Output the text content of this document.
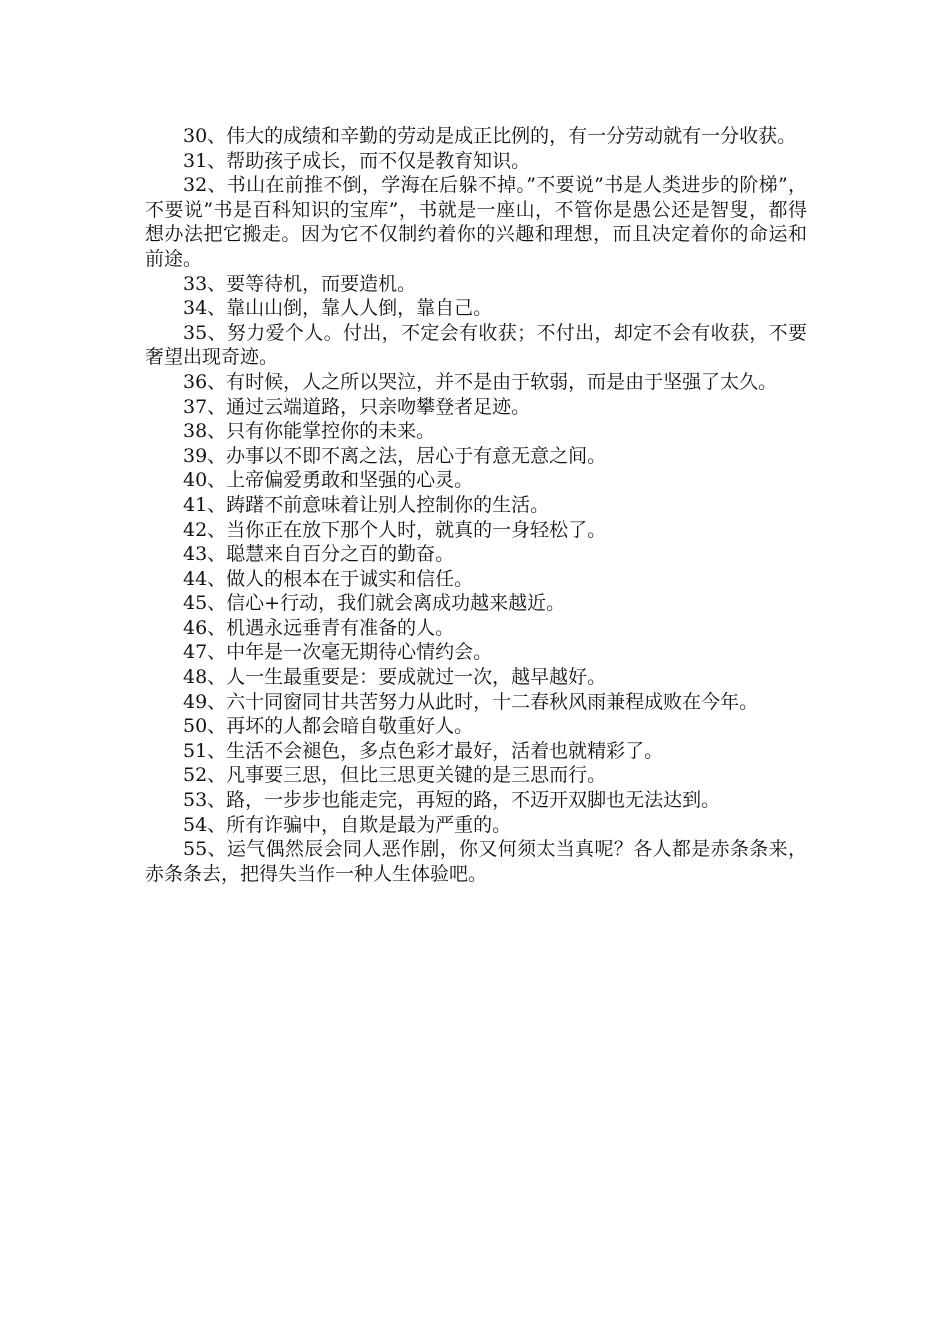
30、伟大的成绩和辛勤的劳动是成正比例的，有一分劳动就有一分收获。

31、帮助孩子成长，而不仅是教育知识。

32、书山在前推不倒，学海在后躲不掉。”不要说”书是人类进步的阶梯”，不要说”书是百科知识的宝库”，书就是一座山，不管你是愚公还是智叟，都得想办法把它搬走。因为它不仅制约着你的兴趣和理想，而且决定着你的命运和前途。

33、要等待机，而要造机。

34、靠山山倒，靠人人倒，靠自己。

35、努力爱个人。付出，不定会有收获；不付出，却定不会有收获，不要奢望出现奇迹。

36、有时候，人之所以哭泣，并不是由于软弱，而是由于坚强了太久。

37、通过云端道路，只亲吻攀登者足迹。

38、只有你能掌控你的未来。

39、办事以不即不离之法，居心于有意无意之间。

40、上帝偏爱勇敢和坚强的心灵。

41、踌躇不前意味着让别人控制你的生活。

42、当你正在放下那个人时，就真的一身轻松了。

43、聪慧来自百分之百的勤奋。

44、做人的根本在于诚实和信任。

45、信心+行动，我们就会离成功越来越近。

46、机遇永远垂青有准备的人。

47、中年是一次毫无期待心情约会。

48、人一生最重要是：要成就过一次，越早越好。

49、六十同窗同甘共苦努力从此时，十二春秋风雨兼程成败在今年。

50、再坏的人都会暗自敬重好人。

51、生活不会褪色，多点色彩才最好，活着也就精彩了。

52、凡事要三思，但比三思更关键的是三思而行。

53、路，一步步也能走完，再短的路，不迈开双脚也无法达到。

54、所有诈骗中，自欺是最为严重的。

55、运气偶然辰会同人恶作剧，你又何须太当真呢？各人都是赤条条来，赤条条去，把得失当作一种人生体验吧。
